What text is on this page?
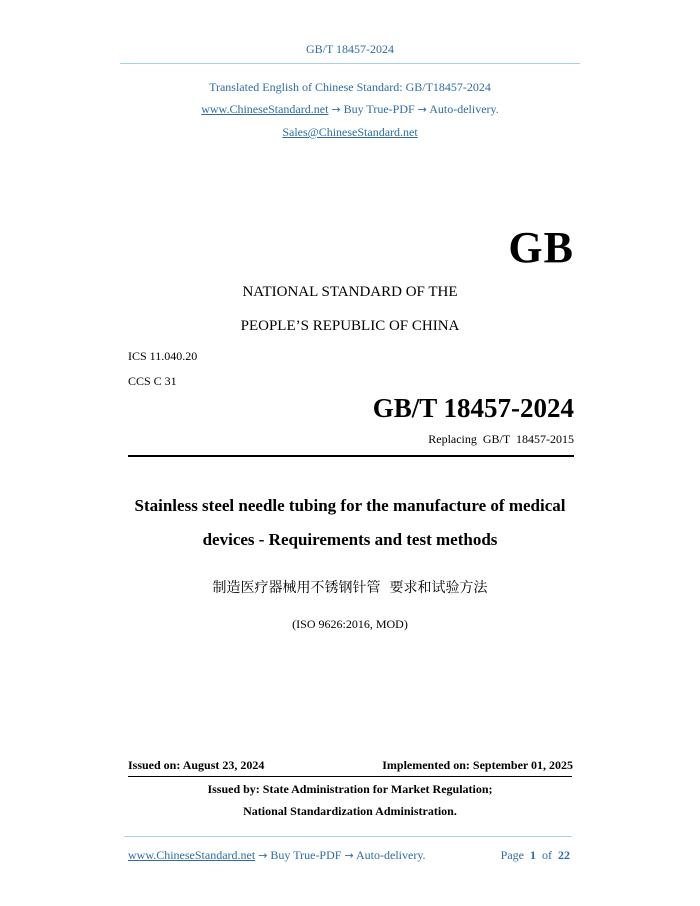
GB/T 18457-2024
Translated English of Chinese Standard: GB/T18457-2024
www.ChineseStandard.net → Buy True-PDF → Auto-delivery.
Sales@ChineseStandard.net
GB
NATIONAL STANDARD OF THE
PEOPLE’S REPUBLIC OF CHINA
ICS 11.040.20
CCS C 31
GB/T 18457-2024
Replacing  GB/T  18457-2015
Stainless steel needle tubing for the manufacture of medical
devices - Requirements and test methods
制造医疗器械用不锈钢针管  要求和试验方法
(ISO 9626:2016, MOD)
Issued on: August 23, 2024	Implemented on: September 01, 2025
Issued by: State Administration for Market Regulation;
National Standardization Administration.
www.ChineseStandard.net → Buy True-PDF → Auto-delivery.	Page 1 of 22
